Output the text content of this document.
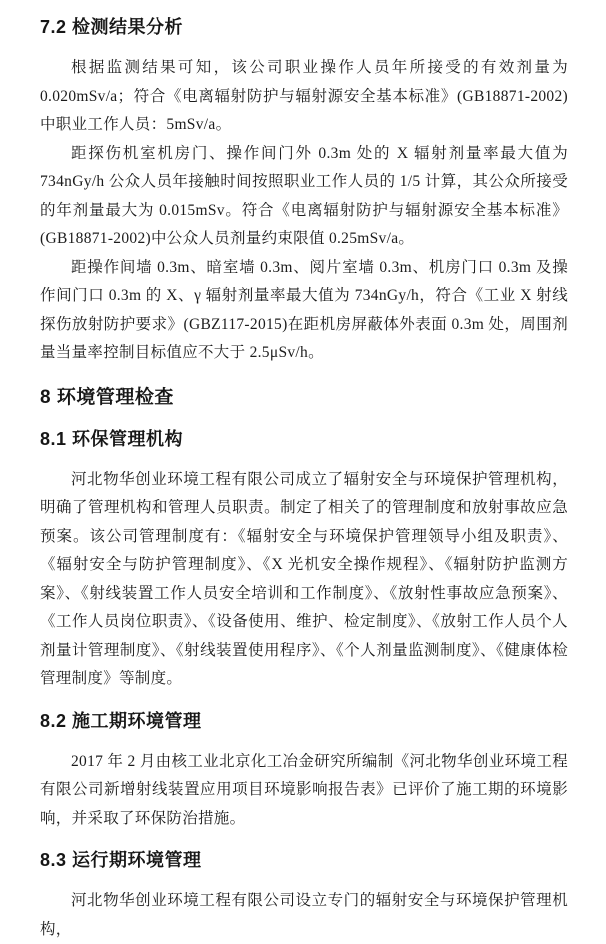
7.2 检测结果分析

根据监测结果可知，该公司职业操作人员年所接受的有效剂量为 0.020mSv/a；符合《电离辐射防护与辐射源安全基本标准》(GB18871-2002)中职业工作人员：5mSv/a。

距探伤机室机房门、操作间门外 0.3m 处的 X 辐射剂量率最大值为 734nGy/h 公众人员年接触时间按照职业工作人员的 1/5 计算，其公众所接受的年剂量最大为 0.015mSv。符合《电离辐射防护与辐射源安全基本标准》(GB18871-2002)中公众人员剂量约束限值 0.25mSv/a。

距操作间墙 0.3m、暗室墙 0.3m、阅片室墙 0.3m、机房门口 0.3m 及操作间门口 0.3m 的 X、γ 辐射剂量率最大值为 734nGy/h，符合《工业 X 射线探伤放射防护要求》(GBZ117-2015)在距机房屏蔽体外表面 0.3m 处，周围剂量当量率控制目标值应不大于 2.5μSv/h。

8 环境管理检查
8.1 环保管理机构

河北物华创业环境工程有限公司成立了辐射安全与环境保护管理机构，明确了管理机构和管理人员职责。制定了相关了的管理制度和放射事故应急预案。该公司管理制度有：《辐射安全与环境保护管理领导小组及职责》、《辐射安全与防护管理制度》、《X 光机安全操作规程》、《辐射防护监测方案》、《射线装置工作人员安全培训和工作制度》、《放射性事故应急预案》、《工作人员岗位职责》、《设备使用、维护、检定制度》、《放射工作人员个人剂量计管理制度》、《射线装置使用程序》、《个人剂量监测制度》、《健康体检管理制度》等制度。

8.2 施工期环境管理

2017 年 2 月由核工业北京化工冶金研究所编制《河北物华创业环境工程有限公司新增射线装置应用项目环境影响报告表》已评价了施工期的环境影响，并采取了环保防治措施。

8.3 运行期环境管理

河北物华创业环境工程有限公司设立专门的辐射安全与环境保护管理机构，
